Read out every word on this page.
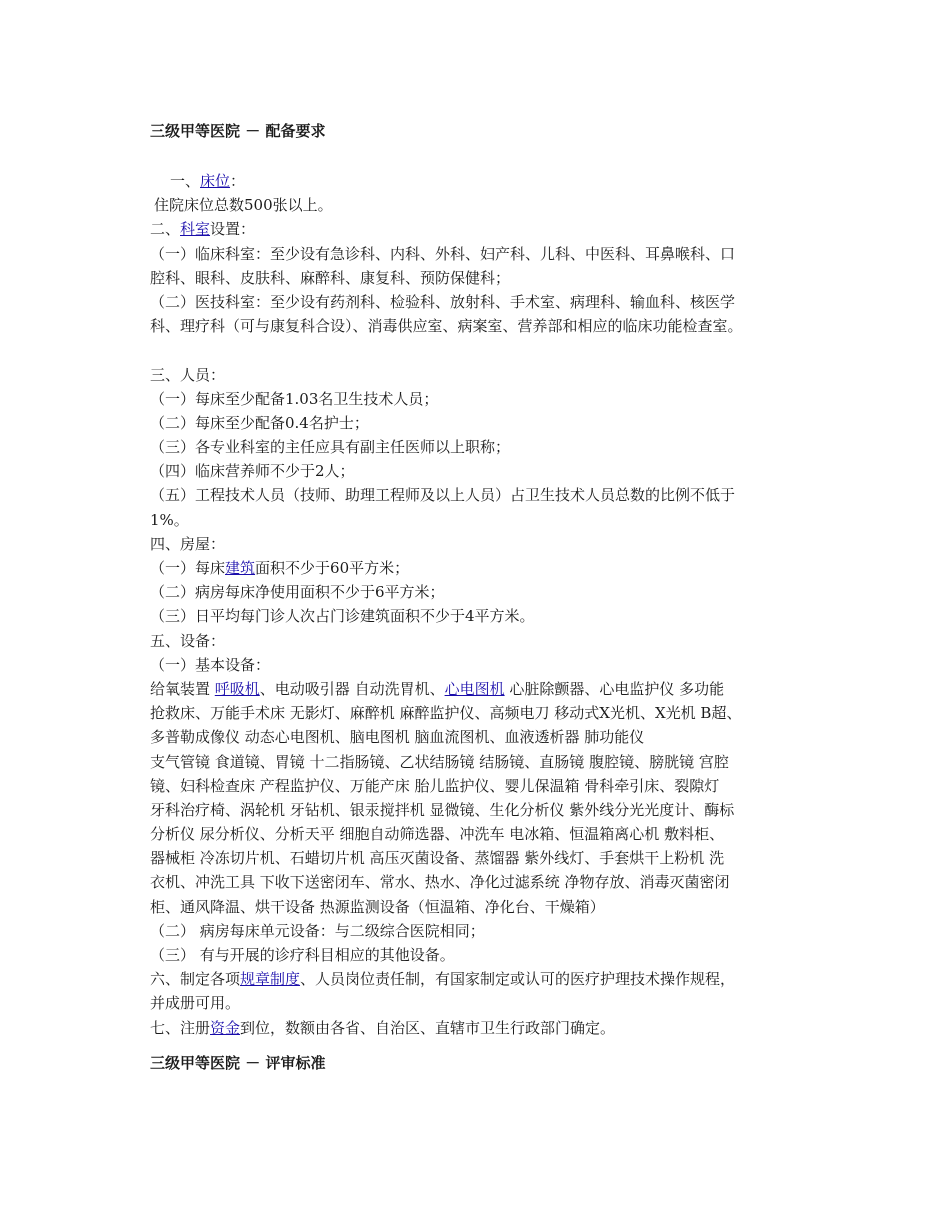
三级甲等医院 － 配备要求
一、床位：
住院床位总数500张以上。
二、科室设置：
（一）临床科室：至少设有急诊科、内科、外科、妇产科、儿科、中医科、耳鼻喉科、口
腔科、眼科、皮肤科、麻醉科、康复科、预防保健科；
（二）医技科室：至少设有药剂科、检验科、放射科、手术室、病理科、输血科、核医学
科、理疗科（可与康复科合设）、消毒供应室、病案室、营养部和相应的临床功能检查室。
三、人员：
（一）每床至少配备1.03名卫生技术人员；
（二）每床至少配备0.4名护士；
（三）各专业科室的主任应具有副主任医师以上职称；
（四）临床营养师不少于2人；
（五）工程技术人员（技师、助理工程师及以上人员）占卫生技术人员总数的比例不低于
1%。
四、房屋：
（一）每床建筑面积不少于60平方米；
（二）病房每床净使用面积不少于6平方米；
（三）日平均每门诊人次占门诊建筑面积不少于4平方米。
五、设备：
（一）基本设备：
给氧装置 呼吸机、电动吸引器 自动洗胃机、心电图机 心脏除颤器、心电监护仪 多功能
抢救床、万能手术床 无影灯、麻醉机 麻醉监护仪、高频电刀 移动式X光机、X光机 B超、
多普勒成像仪 动态心电图机、脑电图机 脑血流图机、血液透析器 肺功能仪
支气管镜 食道镜、胃镜 十二指肠镜、乙状结肠镜 结肠镜、直肠镜 腹腔镜、膀胱镜 宫腔
镜、妇科检查床 产程监护仪、万能产床 胎儿监护仪、婴儿保温箱 骨科牵引床、裂隙灯
牙科治疗椅、涡轮机 牙钻机、银汞搅拌机 显微镜、生化分析仪 紫外线分光光度计、酶标
分析仪 尿分析仪、分析天平 细胞自动筛选器、冲洗车 电冰箱、恒温箱离心机 敷料柜、
器械柜 冷冻切片机、石蜡切片机 高压灭菌设备、蒸馏器 紫外线灯、手套烘干上粉机 洗
衣机、冲洗工具 下收下送密闭车、常水、热水、净化过滤系统 净物存放、消毒灭菌密闭
柜、通风降温、烘干设备 热源监测设备（恒温箱、净化台、干燥箱）
（二） 病房每床单元设备：与二级综合医院相同；
（三） 有与开展的诊疗科目相应的其他设备。
六、制定各项规章制度、人员岗位责任制，有国家制定或认可的医疗护理技术操作规程，
并成册可用。
七、注册资金到位，数额由各省、自治区、直辖市卫生行政部门确定。
三级甲等医院 － 评审标准
